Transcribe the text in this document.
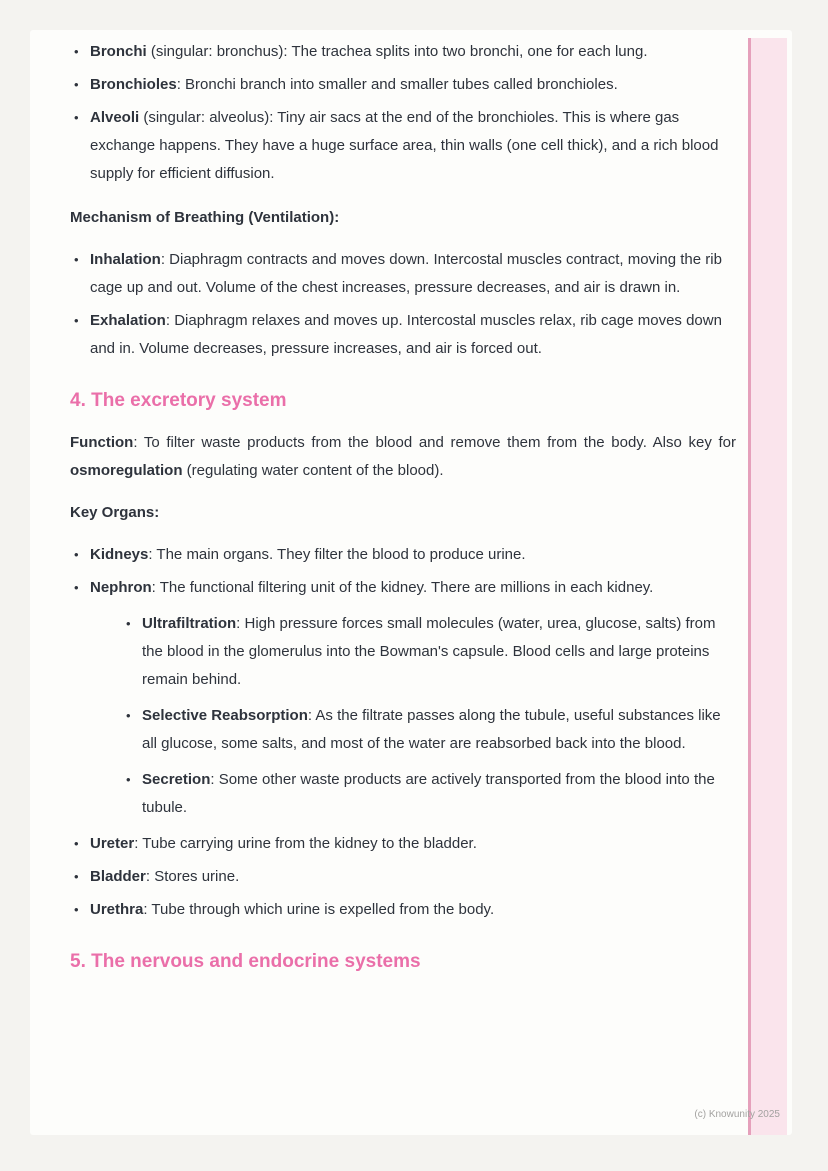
• Bronchi (singular: bronchus): The trachea splits into two bronchi, one for each lung.
• Bronchioles: Bronchi branch into smaller and smaller tubes called bronchioles.
• Alveoli (singular: alveolus): Tiny air sacs at the end of the bronchioles. This is where gas exchange happens. They have a huge surface area, thin walls (one cell thick), and a rich blood supply for efficient diffusion.
Mechanism of Breathing (Ventilation):
• Inhalation: Diaphragm contracts and moves down. Intercostal muscles contract, moving the rib cage up and out. Volume of the chest increases, pressure decreases, and air is drawn in.
• Exhalation: Diaphragm relaxes and moves up. Intercostal muscles relax, rib cage moves down and in. Volume decreases, pressure increases, and air is forced out.
4. The excretory system

Function: To filter waste products from the blood and remove them from the body. Also key for osmoregulation (regulating water content of the blood).

Key Organs:
• Kidneys: The main organs. They filter the blood to produce urine.
• Nephron: The functional filtering unit of the kidney. There are millions in each kidney.
• Ultrafiltration: High pressure forces small molecules (water, urea, glucose, salts) from the blood in the glomerulus into the Bowman's capsule. Blood cells and large proteins remain behind.
• Selective Reabsorption: As the filtrate passes along the tubule, useful substances like all glucose, some salts, and most of the water are reabsorbed back into the blood.
• Secretion: Some other waste products are actively transported from the blood into the tubule.
• Ureter: Tube carrying urine from the kidney to the bladder.
• Bladder: Stores urine.
• Urethra: Tube through which urine is expelled from the body.
5. The nervous and endocrine systems
(c) Knowunity 2025
